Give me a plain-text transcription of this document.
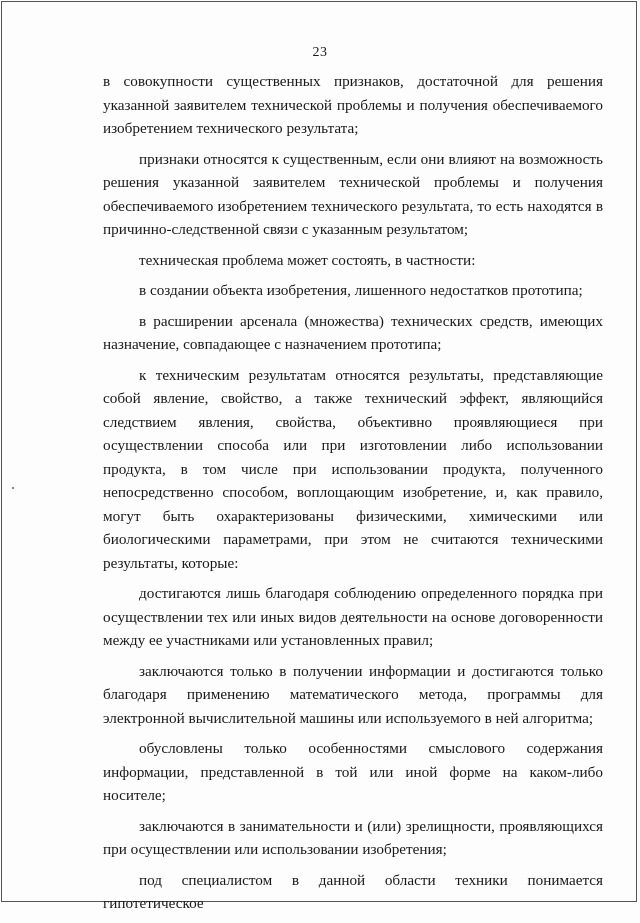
23

в совокупности существенных признаков, достаточной для решения указанной заявителем технической проблемы и получения обеспечиваемого изобретением технического результата;

признаки относятся к существенным, если они влияют на возможность решения указанной заявителем технической проблемы и получения обеспечиваемого изобретением технического результата, то есть находятся в причинно-следственной связи с указанным результатом;

техническая проблема может состоять, в частности:

в создании объекта изобретения, лишенного недостатков прототипа;

в расширении арсенала (множества) технических средств, имеющих назначение, совпадающее с назначением прототипа;

к техническим результатам относятся результаты, представляющие собой явление, свойство, а также технический эффект, являющийся следствием явления, свойства, объективно проявляющиеся при осуществлении способа или при изготовлении либо использовании продукта, в том числе при использовании продукта, полученного непосредственно способом, воплощающим изобретение, и, как правило, могут быть охарактеризованы физическими, химическими или биологическими параметрами, при этом не считаются техническими результаты, которые:

достигаются лишь благодаря соблюдению определенного порядка при осуществлении тех или иных видов деятельности на основе договоренности между ее участниками или установленных правил;

заключаются только в получении информации и достигаются только благодаря применению математического метода, программы для электронной вычислительной машины или используемого в ней алгоритма;

обусловлены только особенностями смыслового содержания информации, представленной в той или иной форме на каком-либо носителе;

заключаются в занимательности и (или) зрелищности, проявляющихся при осуществлении или использовании изобретения;

под специалистом в данной области техники понимается гипотетическое
